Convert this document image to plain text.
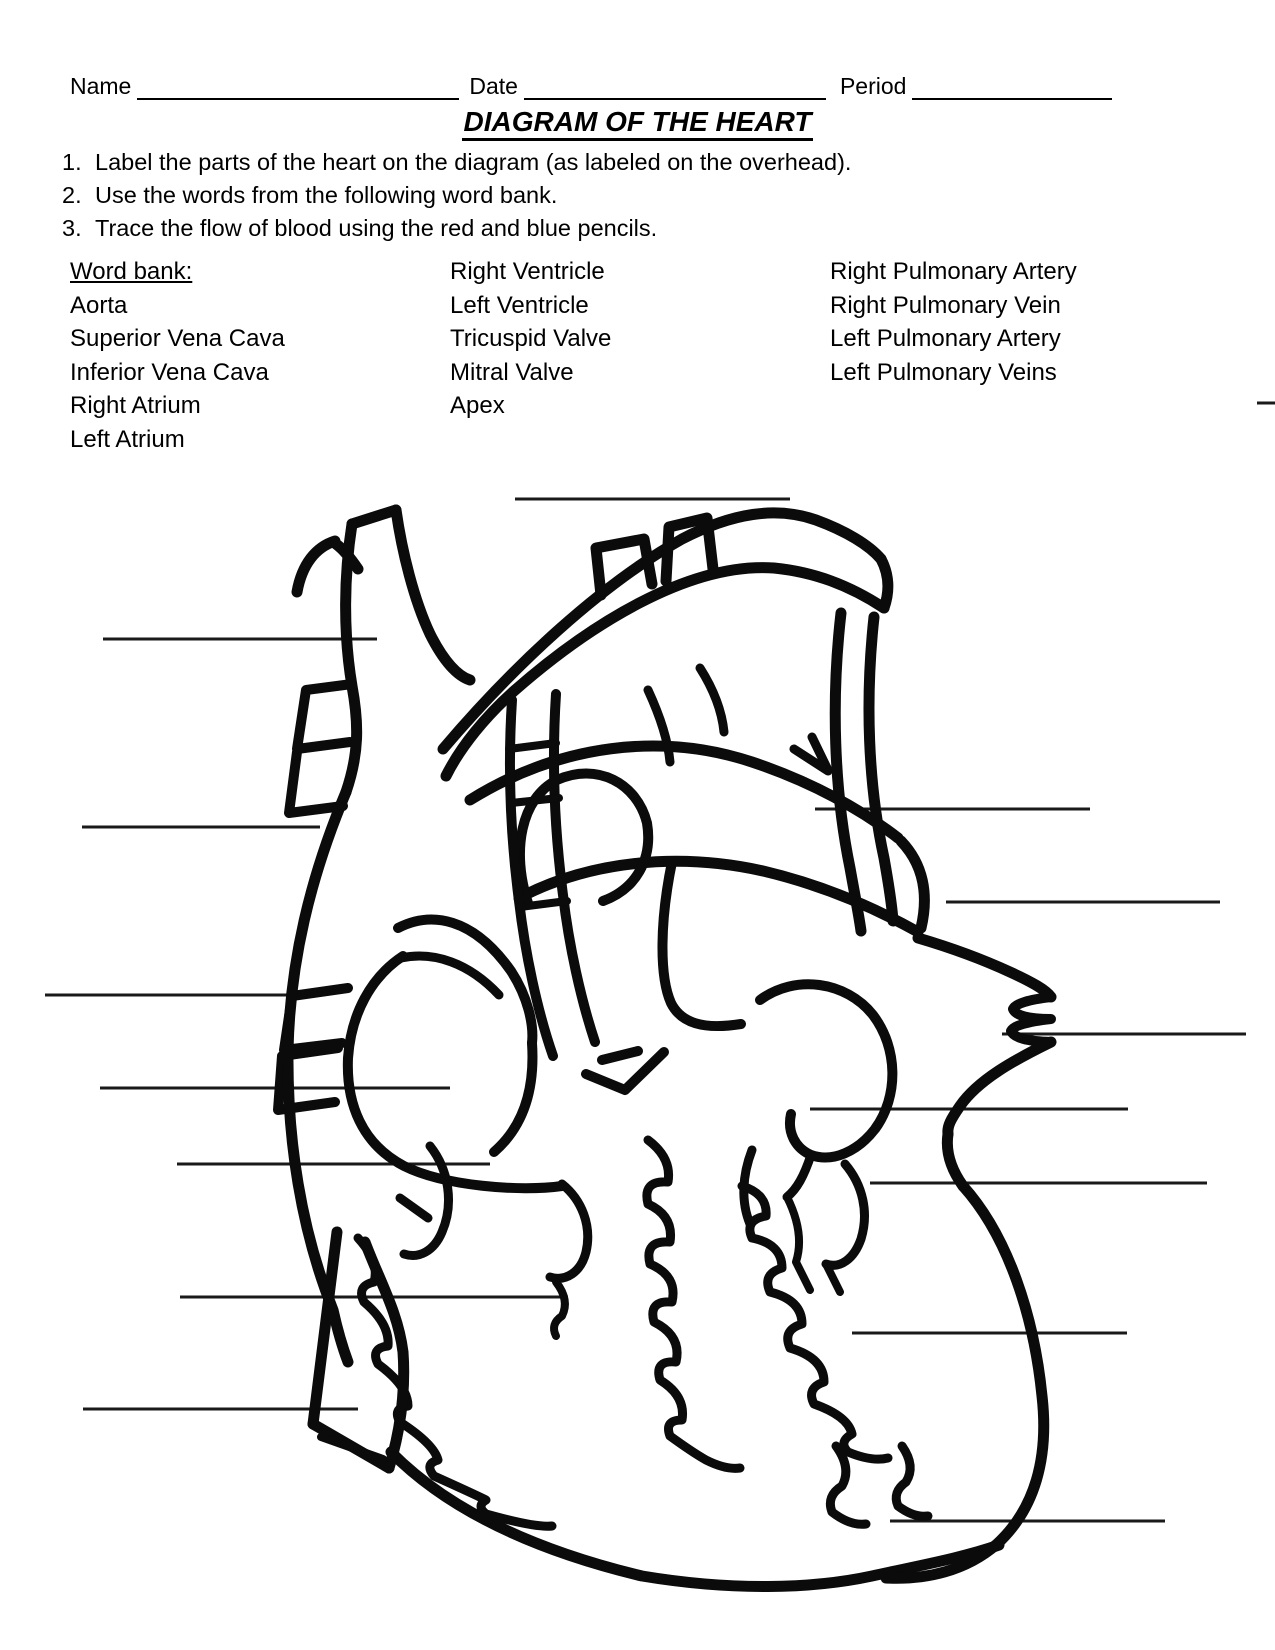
Name	Date	Period
DIAGRAM OF THE HEART
1. Label the parts of the heart on the diagram (as labeled on the overhead).
2. Use the words from the following word bank.
3. Trace the flow of blood using the red and blue pencils.
Word bank:
Aorta
Superior Vena Cava
Inferior Vena Cava
Right Atrium
Left Atrium
Right Ventricle
Left Ventricle
Tricuspid Valve
Mitral Valve
Apex
Right Pulmonary Artery
Right Pulmonary Vein
Left Pulmonary Artery
Left Pulmonary Veins
